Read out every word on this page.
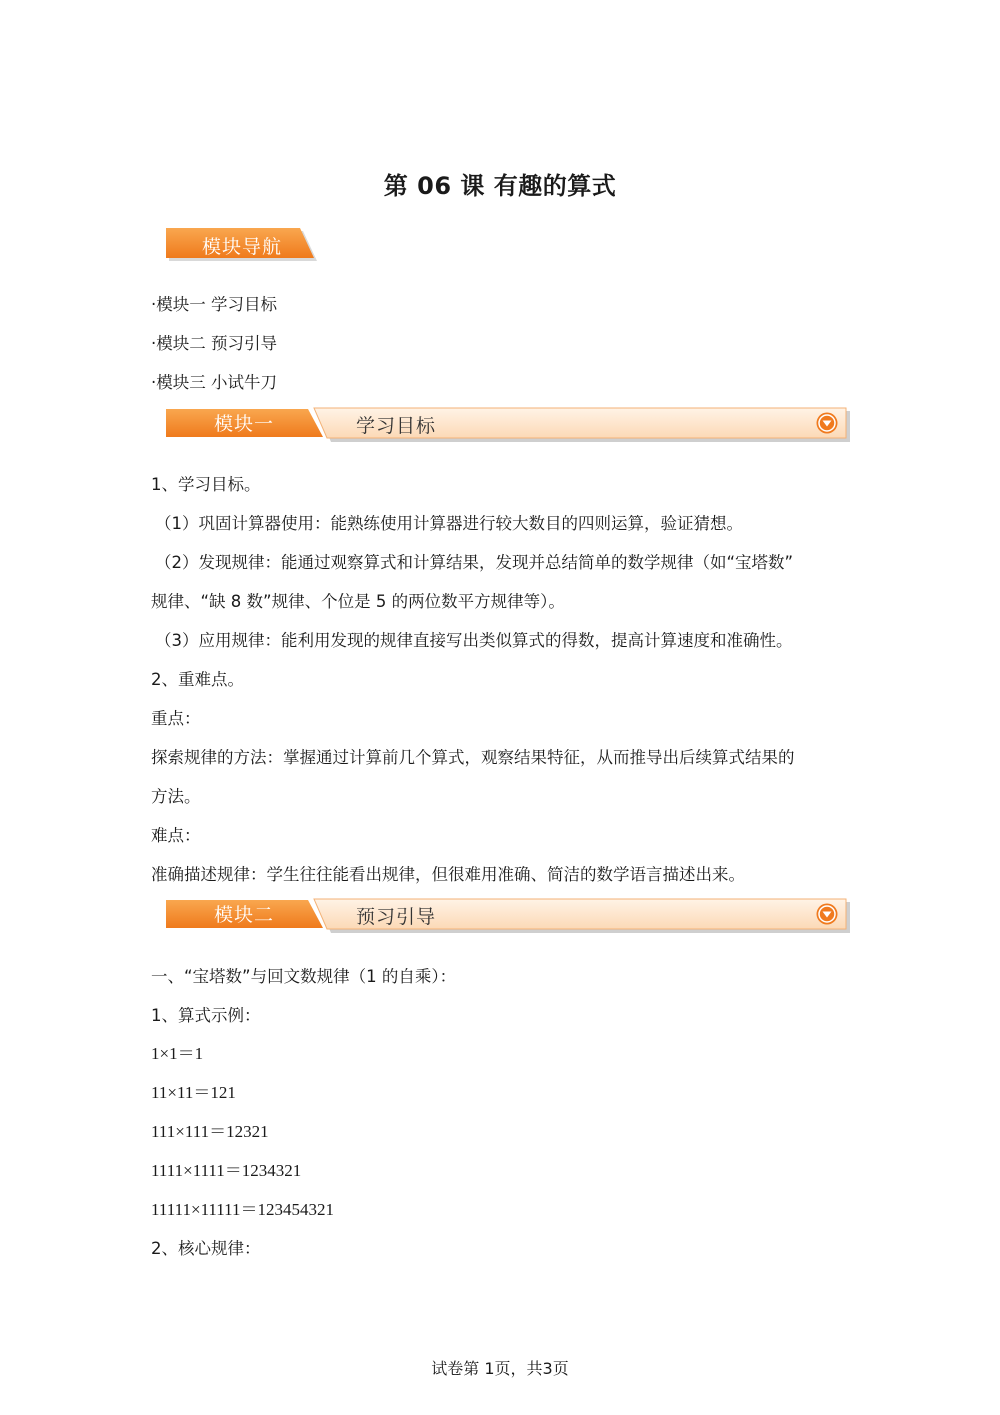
第 06 课 有趣的算式
模块导航
·模块一 学习目标
·模块二 预习引导
·模块三 小试牛刀
模块一	学习目标
1、学习目标。
（1）巩固计算器使用：能熟练使用计算器进行较大数目的四则运算，验证猜想。
（2）发现规律：能通过观察算式和计算结果，发现并总结简单的数学规律（如“宝塔数”
规律、“缺 8 数”规律、个位是 5 的两位数平方规律等）。
（3）应用规律：能利用发现的规律直接写出类似算式的得数，提高计算速度和准确性。
2、重难点。
重点：
探索规律的方法：掌握通过计算前几个算式，观察结果特征，从而推导出后续算式结果的
方法。
难点：
准确描述规律：学生往往能看出规律，但很难用准确、简洁的数学语言描述出来。
模块二	预习引导
一、“宝塔数”与回文数规律（1 的自乘）：
1、算式示例：
1×1＝1
11×11＝121
111×111＝12321
1111×1111＝1234321
11111×11111＝123454321
2、核心规律：
试卷第 1页，共3页
